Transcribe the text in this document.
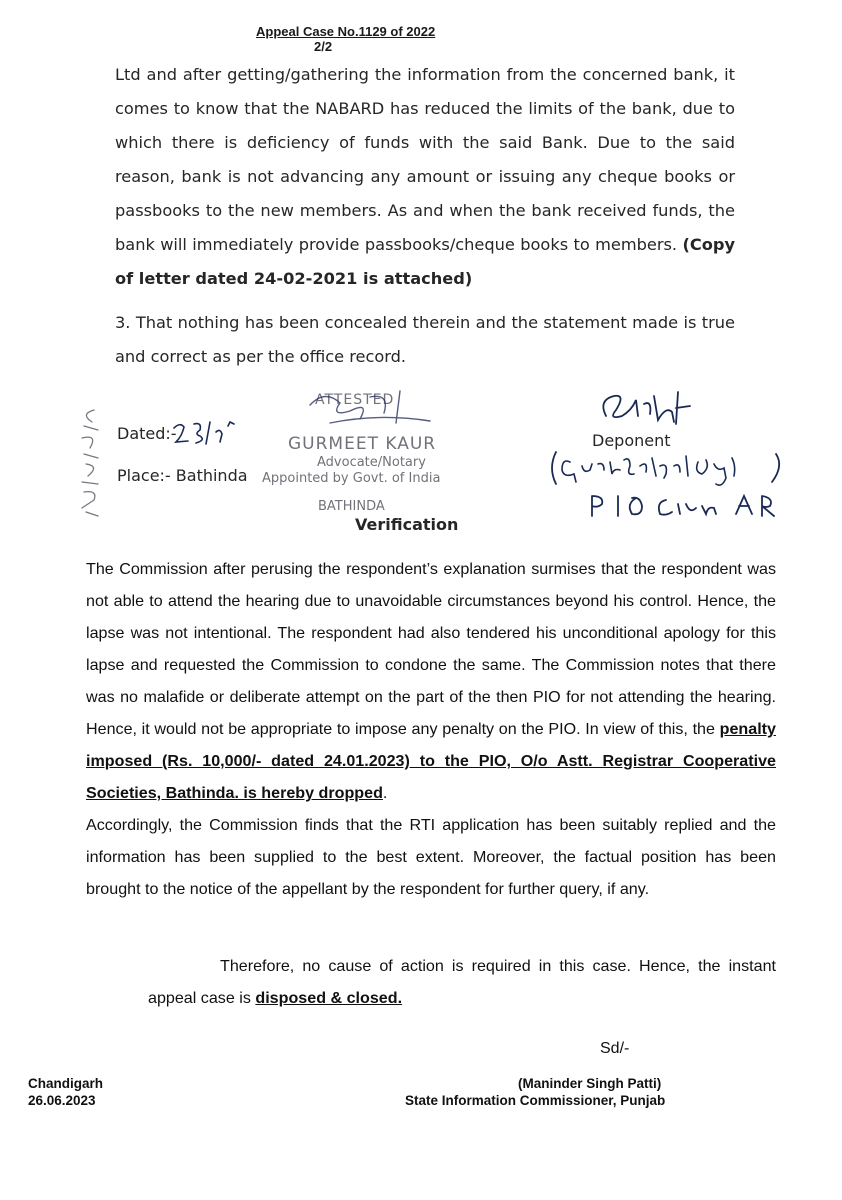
Appeal Case No.1129 of 2022
2/2

Ltd and after getting/gathering the information from the concerned bank, it comes to know that the NABARD has reduced the limits of the bank, due to which there is deficiency of funds with the said Bank. Due to the said reason, bank is not advancing any amount or issuing any cheque books or passbooks to the new members. As and when the bank received funds, the bank will immediately provide passbooks/cheque books to members. (Copy of letter dated 24-02-2021 is attached)

3. That nothing has been concealed therein and the statement made is true and correct as per the office record.

Dated:-
Place:- Bathinda
ATTESTED
GURMEET KAUR
Advocate/Notary
Appointed by Govt. of India
BATHINDA
Verification
Deponent

The Commission after perusing the respondent’s explanation surmises that the respondent was not able to attend the hearing due to unavoidable circumstances beyond his control. Hence, the lapse was not intentional. The respondent had also tendered his unconditional apology for this lapse and requested the Commission to condone the same. The Commission notes that there was no malafide or deliberate attempt on the part of the then PIO for not attending the hearing. Hence, it would not be appropriate to impose any penalty on the PIO. In view of this, the penalty imposed (Rs. 10,000/- dated 24.01.2023) to the PIO, O/o Astt. Registrar Cooperative Societies, Bathinda. is hereby dropped.

Accordingly, the Commission finds that the RTI application has been suitably replied and the information has been supplied to the best extent. Moreover, the factual position has been brought to the notice of the appellant by the respondent for further query, if any.

Therefore, no cause of action is required in this case. Hence, the instant appeal case is disposed & closed.

Sd/-
Chandigarh
26.06.2023
(Maninder Singh Patti)
State Information Commissioner, Punjab
